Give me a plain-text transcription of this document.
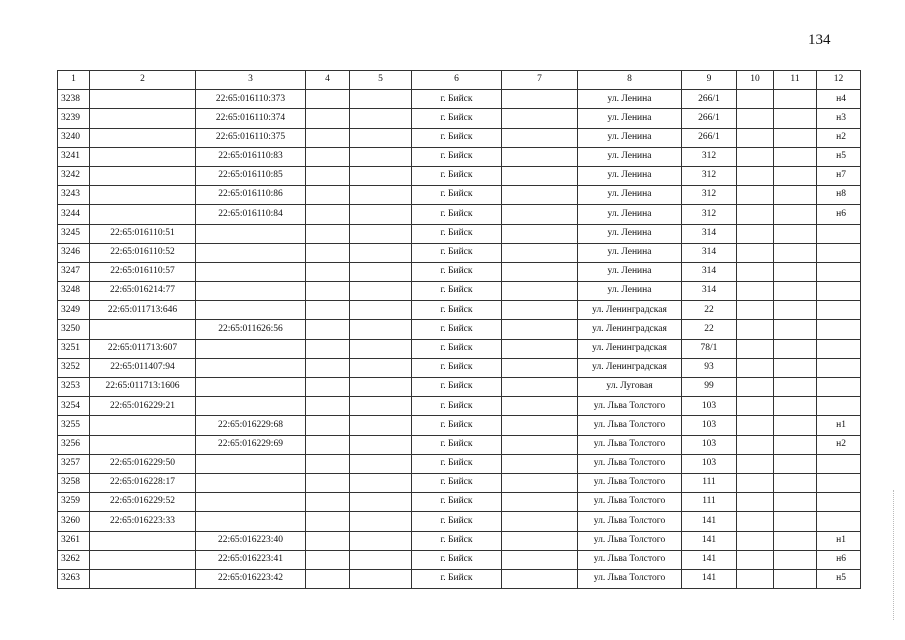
134
1	2	3	4	5	6	7	8	9	10	11	12
3238		22:65:016110:373			г. Бийск		ул. Ленина	266/1			н4
3239		22:65:016110:374			г. Бийск		ул. Ленина	266/1			н3
3240		22:65:016110:375			г. Бийск		ул. Ленина	266/1			н2
3241		22:65:016110:83			г. Бийск		ул. Ленина	312			н5
3242		22:65:016110:85			г. Бийск		ул. Ленина	312			н7
3243		22:65:016110:86			г. Бийск		ул. Ленина	312			н8
3244		22:65:016110:84			г. Бийск		ул. Ленина	312			н6
3245	22:65:016110:51				г. Бийск		ул. Ленина	314			
3246	22:65:016110:52				г. Бийск		ул. Ленина	314			
3247	22:65:016110:57				г. Бийск		ул. Ленина	314			
3248	22:65:016214:77				г. Бийск		ул. Ленина	314			
3249	22:65:011713:646				г. Бийск		ул. Ленинградская	22			
3250		22:65:011626:56			г. Бийск		ул. Ленинградская	22			
3251	22:65:011713:607				г. Бийск		ул. Ленинградская	78/1			
3252	22:65:011407:94				г. Бийск		ул. Ленинградская	93			
3253	22:65:011713:1606				г. Бийск		ул. Луговая	99			
3254	22:65:016229:21				г. Бийск		ул. Льва Толстого	103			
3255		22:65:016229:68			г. Бийск		ул. Льва Толстого	103			н1
3256		22:65:016229:69			г. Бийск		ул. Льва Толстого	103			н2
3257	22:65:016229:50				г. Бийск		ул. Льва Толстого	103			
3258	22:65:016228:17				г. Бийск		ул. Льва Толстого	111			
3259	22:65:016229:52				г. Бийск		ул. Льва Толстого	111			
3260	22:65:016223:33				г. Бийск		ул. Льва Толстого	141			
3261		22:65:016223:40			г. Бийск		ул. Льва Толстого	141			н1
3262		22:65:016223:41			г. Бийск		ул. Льва Толстого	141			н6
3263		22:65:016223:42			г. Бийск		ул. Льва Толстого	141			н5
